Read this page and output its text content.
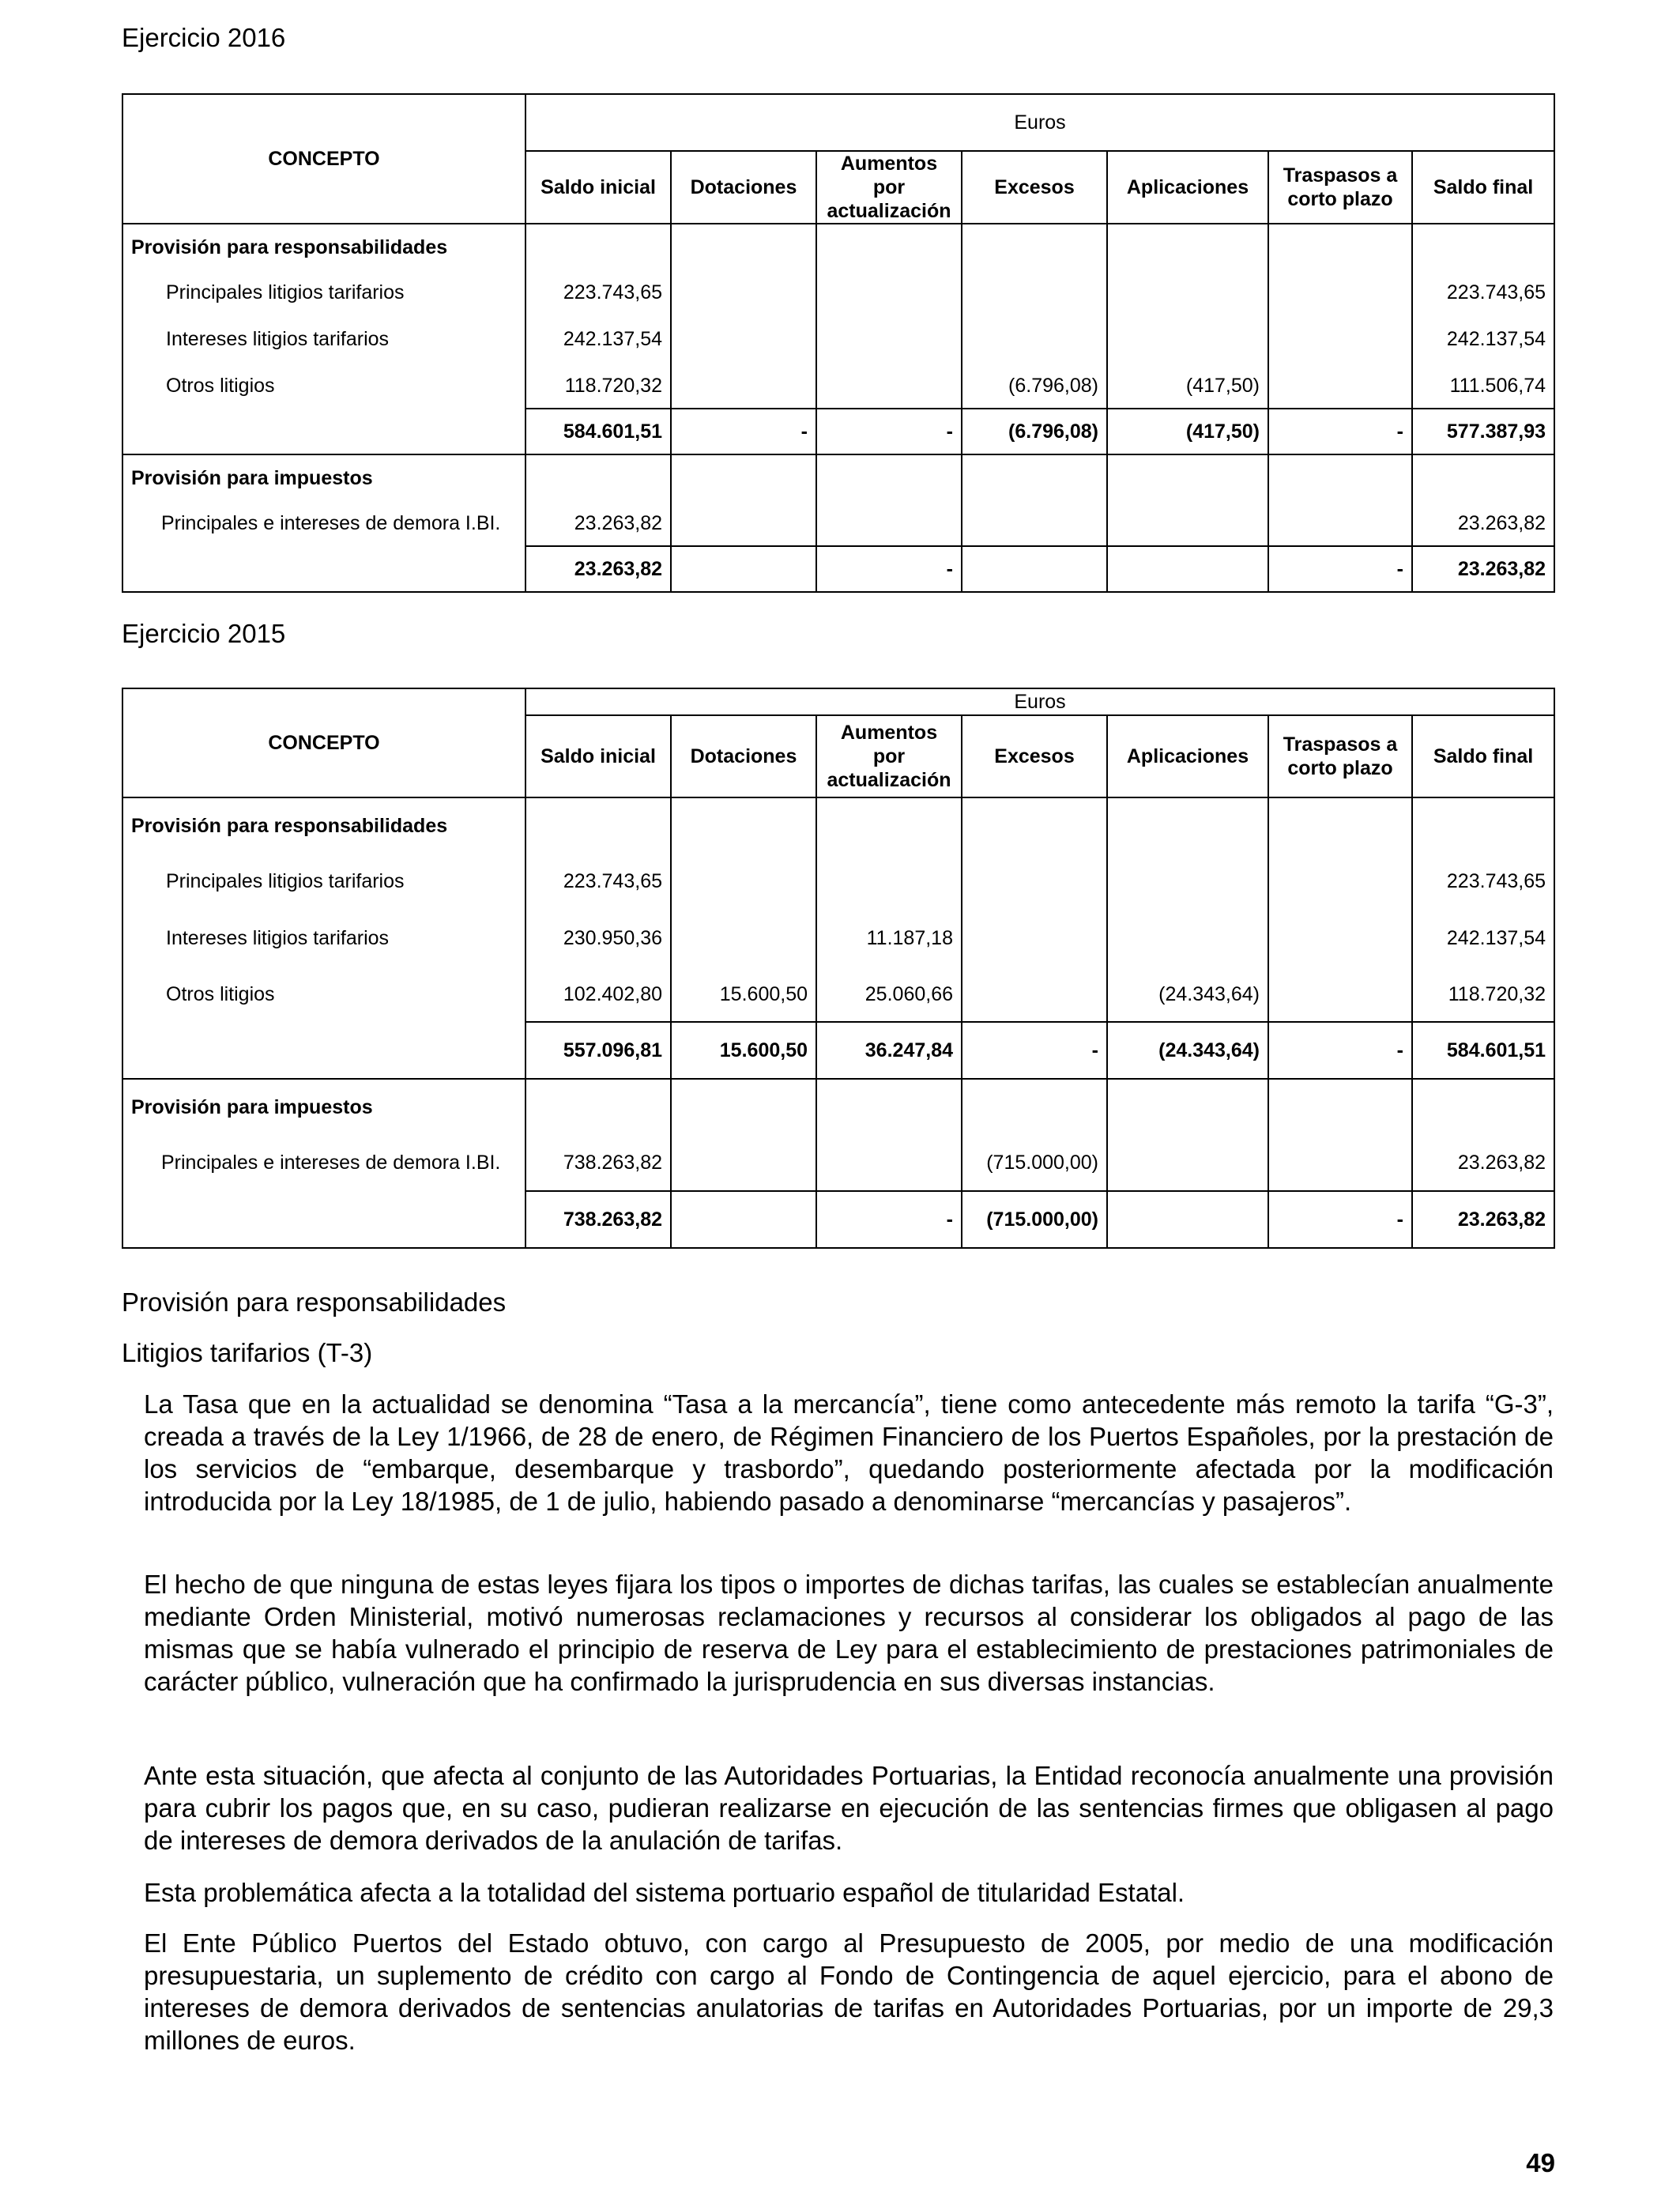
Ejercicio 2016
CONCEPTO	Euros						
	Saldo inicial	Dotaciones	Aumentos por actualización	Excesos	Aplicaciones	Traspasos a corto plazo	Saldo final
Provisión para responsabilidades							
Principales litigios tarifarios	223.743,65						223.743,65
Intereses litigios tarifarios	242.137,54						242.137,54
Otros litigios	118.720,32			(6.796,08)	(417,50)		111.506,74
	584.601,51	-	-	(6.796,08)	(417,50)	-	577.387,93
Provisión para impuestos							
Principales e intereses de demora I.BI.	23.263,82						23.263,82
	23.263,82		-			-	23.263,82
Ejercicio 2015
CONCEPTO	Euros						
	Saldo inicial	Dotaciones	Aumentos por actualización	Excesos	Aplicaciones	Traspasos a corto plazo	Saldo final
Provisión para responsabilidades							
Principales litigios tarifarios	223.743,65						223.743,65
Intereses litigios tarifarios	230.950,36		11.187,18				242.137,54
Otros litigios	102.402,80	15.600,50	25.060,66		(24.343,64)		118.720,32
	557.096,81	15.600,50	36.247,84	-	(24.343,64)	-	584.601,51
Provisión para impuestos							
Principales e intereses de demora I.BI.	738.263,82			(715.000,00)			23.263,82
	738.263,82		-	(715.000,00)		-	23.263,82
Provisión para responsabilidades
Litigios tarifarios (T-3)
La Tasa que en la actualidad se denomina “Tasa a la mercancía”, tiene como antecedente más remoto la tarifa “G-3”, creada a través de la Ley 1/1966, de 28 de enero, de Régimen Financiero de los Puertos Españoles, por la prestación de los servicios de “embarque, desembarque y trasbordo”, quedando posteriormente afectada por la modificación introducida por la Ley 18/1985, de 1 de julio, habiendo pasado a denominarse “mercancías y pasajeros”.
El hecho de que ninguna de estas leyes fijara los tipos o importes de dichas tarifas, las cuales se establecían anualmente mediante Orden Ministerial, motivó numerosas reclamaciones y recursos al considerar los obligados al pago de las mismas que se había vulnerado el principio de reserva de Ley para el establecimiento de prestaciones patrimoniales de carácter público, vulneración que ha confirmado la jurisprudencia en sus diversas instancias.
Ante esta situación, que afecta al conjunto de las Autoridades Portuarias, la Entidad reconocía anualmente una provisión para cubrir los pagos que, en su caso, pudieran realizarse en ejecución de las sentencias firmes que obligasen al pago de intereses de demora derivados de la anulación de tarifas.
Esta problemática afecta a la totalidad del sistema portuario español de titularidad Estatal.
El Ente Público Puertos del Estado obtuvo, con cargo al Presupuesto de 2005, por medio de una modificación presupuestaria, un suplemento de crédito con cargo al Fondo de Contingencia de aquel ejercicio, para el abono de intereses de demora derivados de sentencias anulatorias de tarifas en Autoridades Portuarias, por un importe de 29,3 millones de euros.
49
